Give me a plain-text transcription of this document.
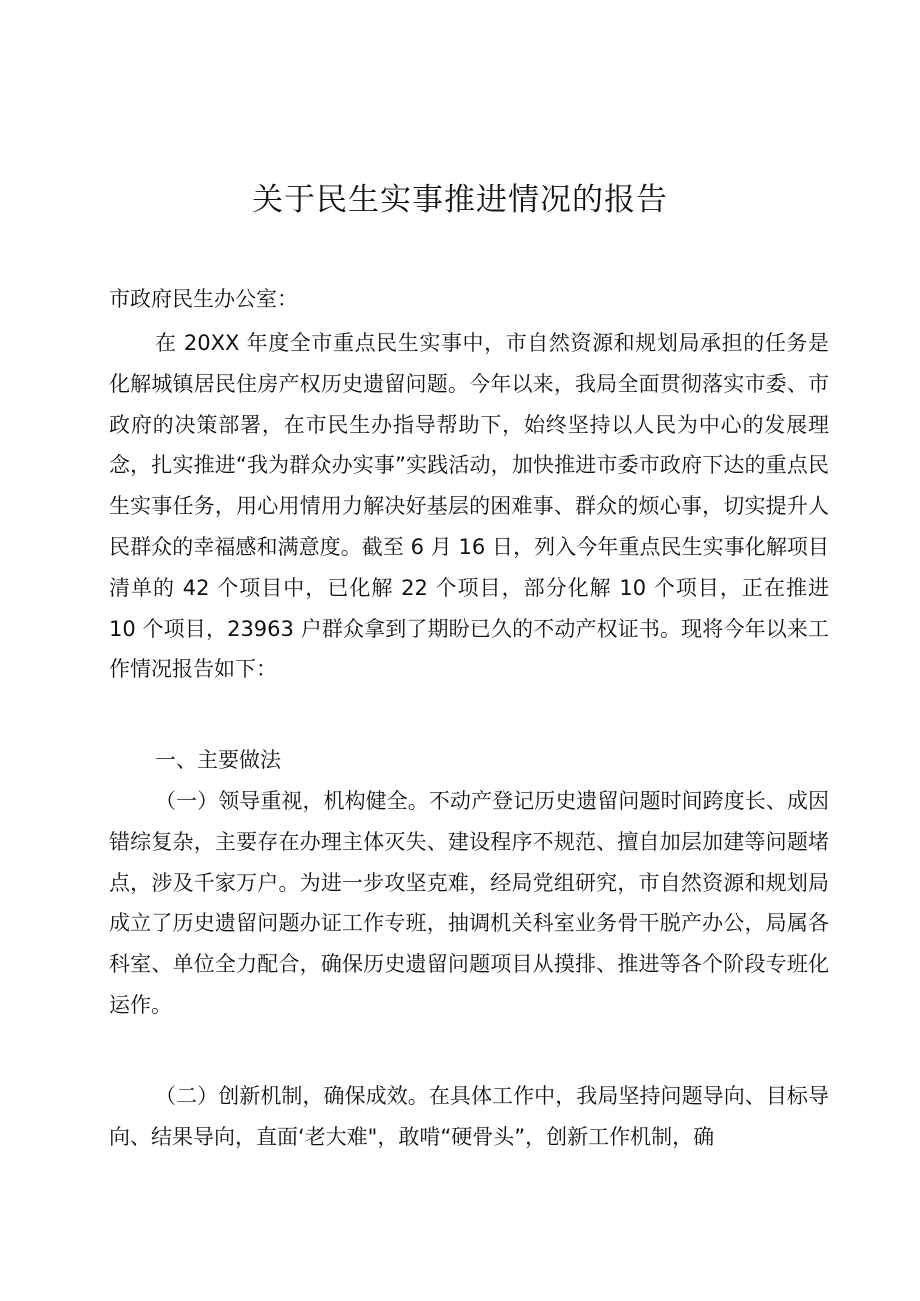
关于民生实事推进情况的报告

市政府民生办公室：

在 20XX 年度全市重点民生实事中，市自然资源和规划局承担的任务是化解城镇居民住房产权历史遗留问题。今年以来，我局全面贯彻落实市委、市政府的决策部署，在市民生办指导帮助下，始终坚持以人民为中心的发展理念，扎实推进“我为群众办实事”实践活动，加快推进市委市政府下达的重点民生实事任务，用心用情用力解决好基层的困难事、群众的烦心事，切实提升人民群众的幸福感和满意度。截至 6 月 16 日，列入今年重点民生实事化解项目清单的 42 个项目中，已化解 22 个项目，部分化解 10 个项目，正在推进 10 个项目，23963 户群众拿到了期盼已久的不动产权证书。现将今年以来工作情况报告如下：

一、主要做法

（一）领导重视，机构健全。不动产登记历史遗留问题时间跨度长、成因错综复杂，主要存在办理主体灭失、建设程序不规范、擅自加层加建等问题堵点，涉及千家万户。为进一步攻坚克难，经局党组研究，市自然资源和规划局成立了历史遗留问题办证工作专班，抽调机关科室业务骨干脱产办公，局属各科室、单位全力配合，确保历史遗留问题项目从摸排、推进等各个阶段专班化运作。

（二）创新机制，确保成效。在具体工作中，我局坚持问题导向、目标导向、结果导向，直面‘老大难"，敢啃“硬骨头”，创新工作机制，确
